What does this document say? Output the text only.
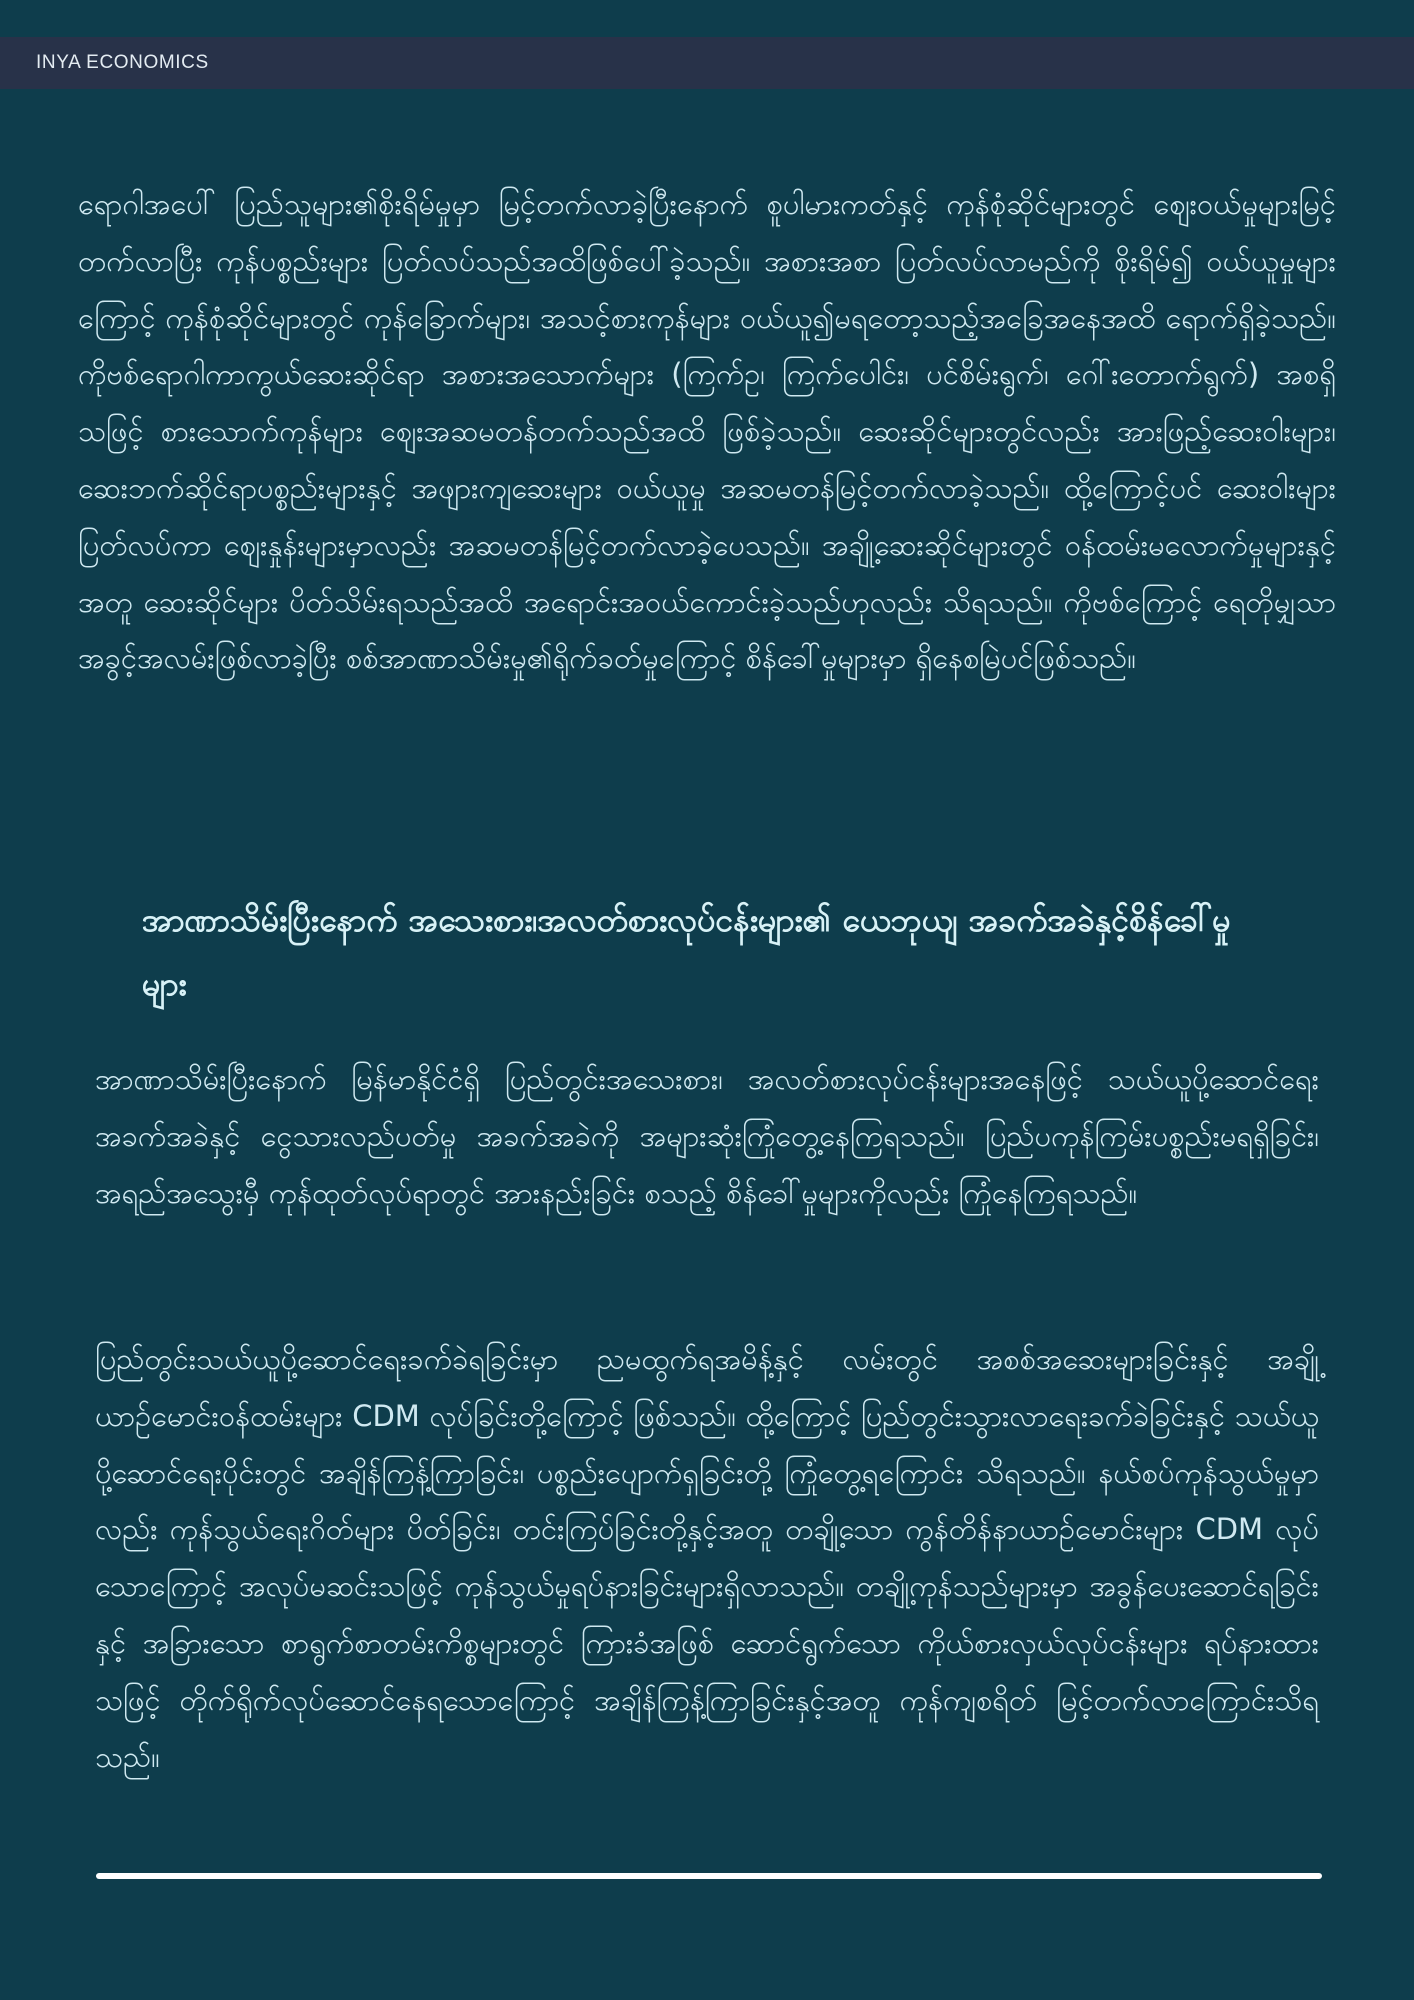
INYA ECONOMICS

ရောဂါအပေါ် ပြည်သူများ၏စိုးရိမ်မှုမှာ မြင့်တက်လာခဲ့ပြီးနောက် စူပါမားကတ်နှင့် ကုန်စုံဆိုင်များတွင် ဈေးဝယ်မှုများမြင့်တက်လာပြီး ကုန်ပစ္စည်းများ ပြတ်လပ်သည်အထိဖြစ်ပေါ်ခဲ့သည်။ အစားအစာ ပြတ်လပ်လာမည်ကို စိုးရိမ်၍ ဝယ်ယူမှုများကြောင့် ကုန်စုံဆိုင်များတွင် ကုန်ခြောက်များ၊ အသင့်စားကုန်များ ဝယ်ယူ၍မရတော့သည့်အခြေအနေအထိ ရောက်ရှိခဲ့သည်။ ကိုဗစ်ရောဂါကာကွယ်ဆေးဆိုင်ရာ အစားအသောက်များ (ကြက်ဥ၊ ကြက်ပေါင်း၊ ပင်စိမ်းရွက်၊ ဂေါ်းတောက်ရွက်) အစရှိသဖြင့် စားသောက်ကုန်များ ဈေးအဆမတန်တက်သည်အထိ ဖြစ်ခဲ့သည်။ ဆေးဆိုင်များတွင်လည်း အားဖြည့်ဆေးဝါးများ၊ ဆေးဘက်ဆိုင်ရာပစ္စည်းများနှင့် အဖျားကျဆေးများ ဝယ်ယူမှု အဆမတန်မြင့်တက်လာခဲ့သည်။ ထို့ကြောင့်ပင် ဆေးဝါးများပြတ်လပ်ကာ ဈေးနှုန်းများမှာလည်း အဆမတန်မြင့်တက်လာခဲ့ပေသည်။ အချို့ဆေးဆိုင်များတွင် ဝန်ထမ်းမလောက်မှုများနှင့်အတူ ဆေးဆိုင်များ ပိတ်သိမ်းရသည်အထိ အရောင်းအဝယ်ကောင်းခဲ့သည်ဟုလည်း သိရသည်။ ကိုဗစ်ကြောင့် ရေတိုမျှသာ အခွင့်အလမ်းဖြစ်လာခဲ့ပြီး စစ်အာဏာသိမ်းမှု၏ရိုက်ခတ်မှုကြောင့် စိန်ခေါ်မှုများမှာ ရှိနေစမြဲပင်ဖြစ်သည်။

အာဏာသိမ်းပြီးနောက် အသေးစား၊အလတ်စားလုပ်ငန်းများ၏ ယေဘုယျ အခက်အခဲနှင့်စိန်ခေါ်မှုများ

အာဏာသိမ်းပြီးနောက် မြန်မာနိုင်ငံရှိ ပြည်တွင်းအသေးစား၊ အလတ်စားလုပ်ငန်းများအနေဖြင့် သယ်ယူပို့ဆောင်ရေး အခက်အခဲနှင့် ငွေသားလည်ပတ်မှု အခက်အခဲကို အများဆုံးကြုံတွေ့နေကြရသည်။ ပြည်ပကုန်ကြမ်းပစ္စည်းမရရှိခြင်း၊ အရည်အသွေးမှီ ကုန်ထုတ်လုပ်ရာတွင် အားနည်းခြင်း စသည့် စိန်ခေါ်မှုများကိုလည်း ကြုံနေကြရသည်။

ပြည်တွင်းသယ်ယူပို့ဆောင်ရေးခက်ခဲရခြင်းမှာ ညမထွက်ရအမိန့်နှင့် လမ်းတွင် အစစ်အဆေးများခြင်းနှင့် အချို့ ယာဉ်မောင်းဝန်ထမ်းများ CDM လုပ်ခြင်းတို့ကြောင့် ဖြစ်သည်။ ထို့ကြောင့် ပြည်တွင်းသွားလာရေးခက်ခဲခြင်းနှင့် သယ်ယူပို့ဆောင်ရေးပိုင်းတွင် အချိန်ကြန့်ကြာခြင်း၊ ပစ္စည်းပျောက်ရှခြင်းတို့ ကြုံတွေ့ရကြောင်း သိရသည်။ နယ်စပ်ကုန်သွယ်မှုမှာလည်း ကုန်သွယ်ရေးဂိတ်များ ပိတ်ခြင်း၊ တင်းကြပ်ခြင်းတို့နှင့်အတူ တချို့သော ကွန်တိန်နာယာဉ်မောင်းများ CDM လုပ်သောကြောင့် အလုပ်မဆင်းသဖြင့် ကုန်သွယ်မှုရပ်နားခြင်းများရှိလာသည်။ တချို့ကုန်သည်များမှာ အခွန်ပေးဆောင်ရခြင်းနှင့် အခြားသော စာရွက်စာတမ်းကိစ္စများတွင် ကြားခံအဖြစ် ဆောင်ရွက်သော ကိုယ်စားလှယ်လုပ်ငန်းများ ရပ်နားထားသဖြင့် တိုက်ရိုက်လုပ်ဆောင်နေရသောကြောင့် အချိန်ကြန့်ကြာခြင်းနှင့်အတူ ကုန်ကျစရိတ် မြင့်တက်လာကြောင်းသိရသည်။
